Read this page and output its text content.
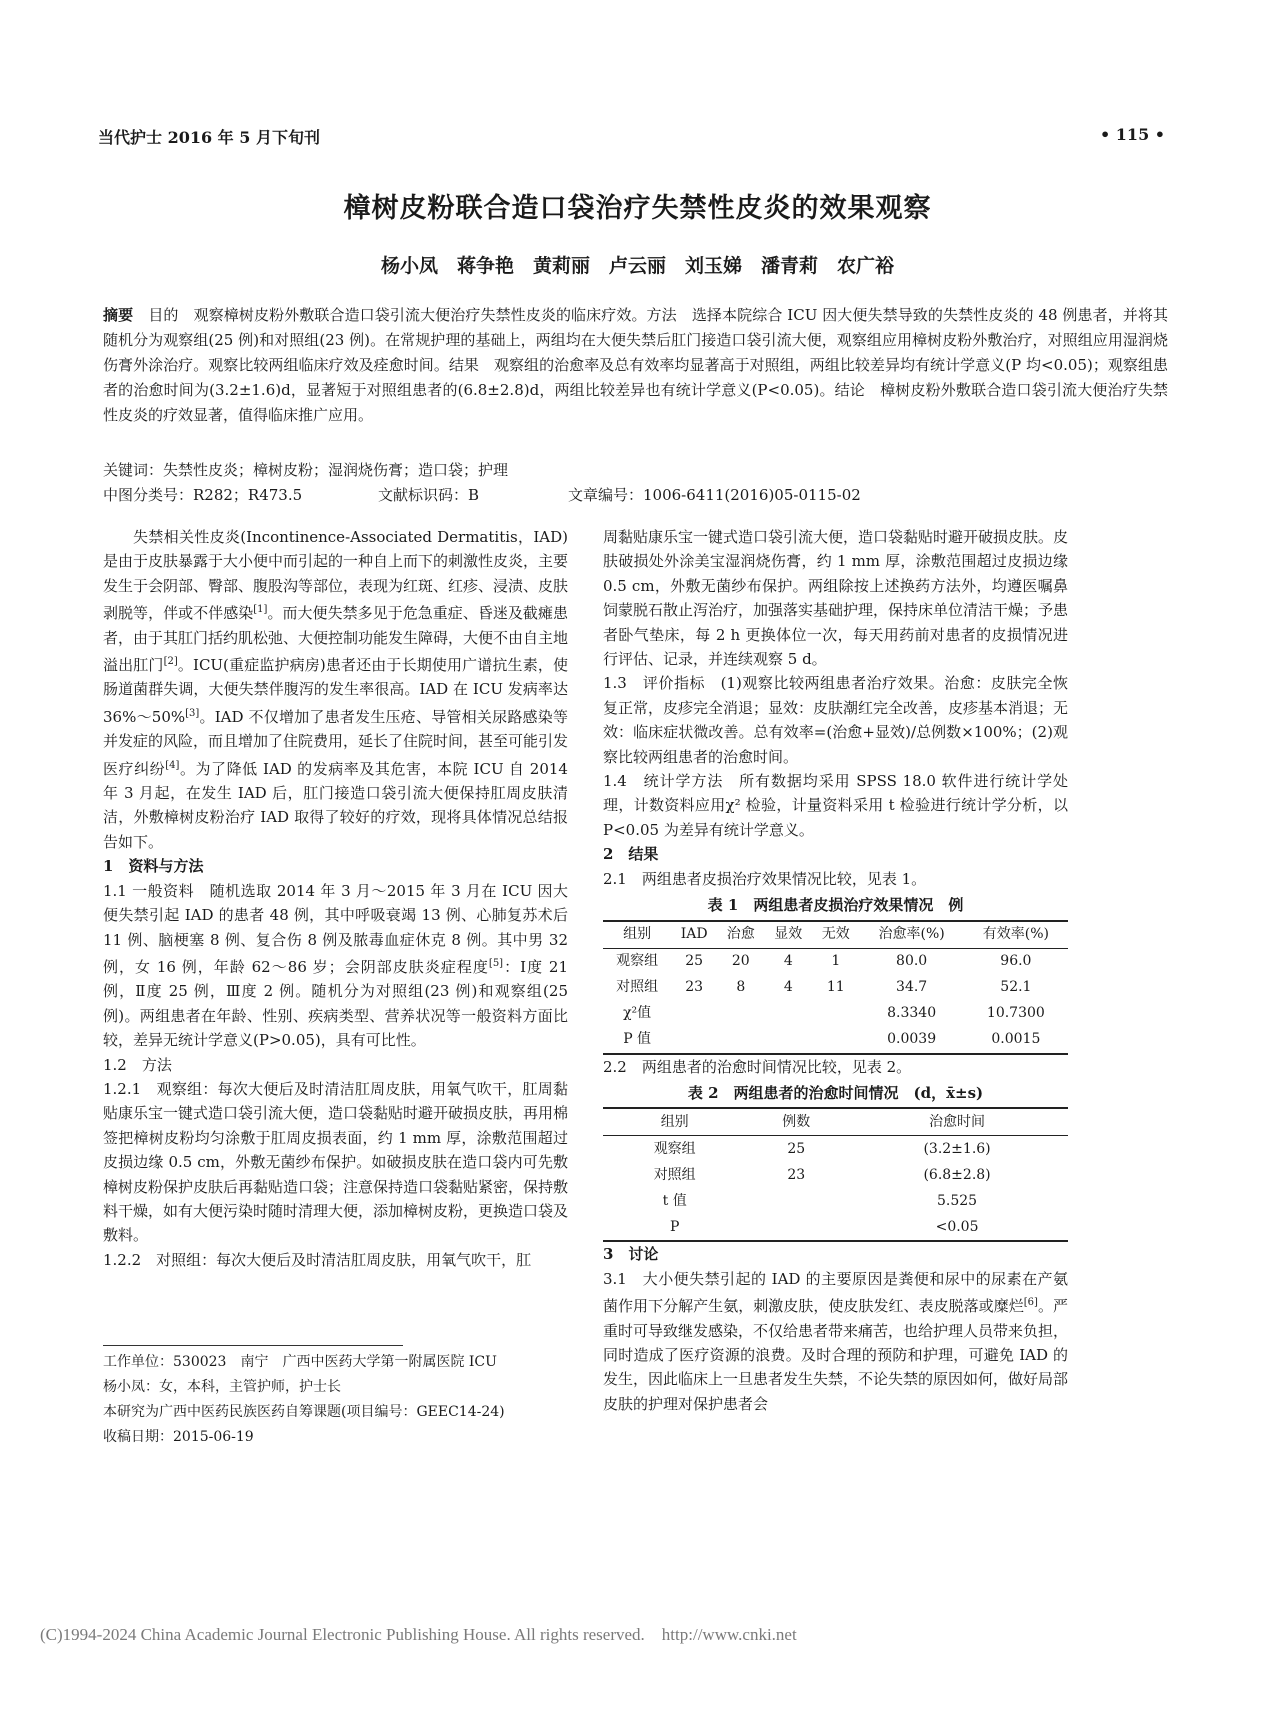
当代护士 2016 年 5 月下旬刊	• 115 •
樟树皮粉联合造口袋治疗失禁性皮炎的效果观察
杨小凤　蒋争艳　黄莉丽　卢云丽　刘玉娣　潘青莉　农广裕
摘要　 目的　观察樟树皮粉外敷联合造口袋引流大便治疗失禁性皮炎的临床疗效。方法　选择本院综合 ICU 因大便失禁导致的失禁性皮炎的 48 例患者，并将其随机分为观察组(25 例)和对照组(23 例)。在常规护理的基础上，两组均在大便失禁后肛门接造口袋引流大便，观察组应用樟树皮粉外敷治疗，对照组应用湿润烧伤膏外涂治疗。观察比较两组临床疗效及痊愈时间。结果　观察组的治愈率及总有效率均显著高于对照组，两组比较差异均有统计学意义(P 均<0.05)；观察组患者的治愈时间为(3.2±1.6)d，显著短于对照组患者的(6.8±2.8)d，两组比较差异也有统计学意义(P<0.05)。结论　樟树皮粉外敷联合造口袋引流大便治疗失禁性皮炎的疗效显著，值得临床推广应用。
关键词：失禁性皮炎；樟树皮粉；湿润烧伤膏；造口袋；护理
中图分类号：R282；R473.5	文献标识码：B	文章编号：1006-6411(2016)05-0115-02

失禁相关性皮炎(Incontinence-Associated Dermatitis，IAD)是由于皮肤暴露于大小便中而引起的一种自上而下的刺激性皮炎，主要发生于会阴部、臀部、腹股沟等部位，表现为红斑、红疹、浸渍、皮肤剥脱等，伴或不伴感染[1]。而大便失禁多见于危急重症、昏迷及截瘫患者，由于其肛门括约肌松弛、大便控制功能发生障碍，大便不由自主地溢出肛门[2]。ICU(重症监护病房)患者还由于长期使用广谱抗生素，使肠道菌群失调，大便失禁伴腹泻的发生率很高。IAD 在 ICU 发病率达 36%～50%[3]。IAD 不仅增加了患者发生压疮、导管相关尿路感染等并发症的风险，而且增加了住院费用，延长了住院时间，甚至可能引发医疗纠纷[4]。为了降低 IAD 的发病率及其危害，本院 ICU 自 2014 年 3 月起，在发生 IAD 后，肛门接造口袋引流大便保持肛周皮肤清洁，外敷樟树皮粉治疗 IAD 取得了较好的疗效，现将具体情况总结报告如下。

1　资料与方法

1.1 一般资料　随机选取 2014 年 3 月～2015 年 3 月在 ICU 因大便失禁引起 IAD 的患者 48 例，其中呼吸衰竭 13 例、心肺复苏术后 11 例、脑梗塞 8 例、复合伤 8 例及脓毒血症休克 8 例。其中男 32 例，女 16 例，年龄 62～86 岁；会阴部皮肤炎症程度[5]：Ⅰ度 21 例，Ⅱ度 25 例，Ⅲ度 2 例。随机分为对照组(23 例)和观察组(25 例)。两组患者在年龄、性别、疾病类型、营养状况等一般资料方面比较，差异无统计学意义(P>0.05)，具有可比性。

1.2　方法

1.2.1　观察组：每次大便后及时清洁肛周皮肤，用氧气吹干，肛周黏贴康乐宝一键式造口袋引流大便，造口袋黏贴时避开破损皮肤，再用棉签把樟树皮粉均匀涂敷于肛周皮损表面，约 1 mm 厚，涂敷范围超过皮损边缘 0.5 cm，外敷无菌纱布保护。如破损皮肤在造口袋内可先敷樟树皮粉保护皮肤后再黏贴造口袋；注意保持造口袋黏贴紧密，保持敷料干燥，如有大便污染时随时清理大便，添加樟树皮粉，更换造口袋及敷料。

1.2.2　对照组：每次大便后及时清洁肛周皮肤，用氧气吹干，肛

周黏贴康乐宝一键式造口袋引流大便，造口袋黏贴时避开破损皮肤。皮肤破损处外涂美宝湿润烧伤膏，约 1 mm 厚，涂敷范围超过皮损边缘 0.5 cm，外敷无菌纱布保护。两组除按上述换药方法外，均遵医嘱鼻饲蒙脱石散止泻治疗，加强落实基础护理，保持床单位清洁干燥；予患者卧气垫床，每 2 h 更换体位一次，每天用药前对患者的皮损情况进行评估、记录，并连续观察 5 d。

1.3　评价指标　(1)观察比较两组患者治疗效果。治愈：皮肤完全恢复正常，皮疹完全消退；显效：皮肤潮红完全改善，皮疹基本消退；无效：临床症状微改善。总有效率=(治愈+显效)/总例数×100%；(2)观察比较两组患者的治愈时间。

1.4　统计学方法　所有数据均采用 SPSS 18.0 软件进行统计学处理，计数资料应用χ² 检验，计量资料采用 t 检验进行统计学分析，以 P<0.05 为差异有统计学意义。

2　结果

2.1　两组患者皮损治疗效果情况比较，见表 1。

表 1　两组患者皮损治疗效果情况　例
组别	IAD	治愈	显效	无效	治愈率(%)	有效率(%)
观察组	25	20	4	1	80.0	96.0
对照组	23	8	4	11	34.7	52.1
χ²值					8.3340	10.7300
P 值					0.0039	0.0015

2.2　两组患者的治愈时间情况比较，见表 2。

表 2　两组患者的治愈时间情况　(d，x̄±s)
组别	例数	治愈时间
观察组	25	(3.2±1.6)
对照组	23	(6.8±2.8)
t 值		5.525
P		<0.05

3　讨论

3.1　大小便失禁引起的 IAD 的主要原因是粪便和尿中的尿素在产氨菌作用下分解产生氨，刺激皮肤，使皮肤发红、表皮脱落或糜烂[6]。严重时可导致继发感染，不仅给患者带来痛苦，也给护理人员带来负担，同时造成了医疗资源的浪费。及时合理的预防和护理，可避免 IAD 的发生，因此临床上一旦患者发生失禁，不论失禁的原因如何，做好局部皮肤的护理对保护患者会

工作单位：530023　南宁　广西中医药大学第一附属医院 ICU

杨小凤：女，本科，主管护师，护士长

本研究为广西中医药民族医药自筹课题(项目编号：GEEC14-24)

收稿日期：2015-06-19

(C)1994-2024 China Academic Journal Electronic Publishing House. All rights reserved.　http://www.cnki.net
